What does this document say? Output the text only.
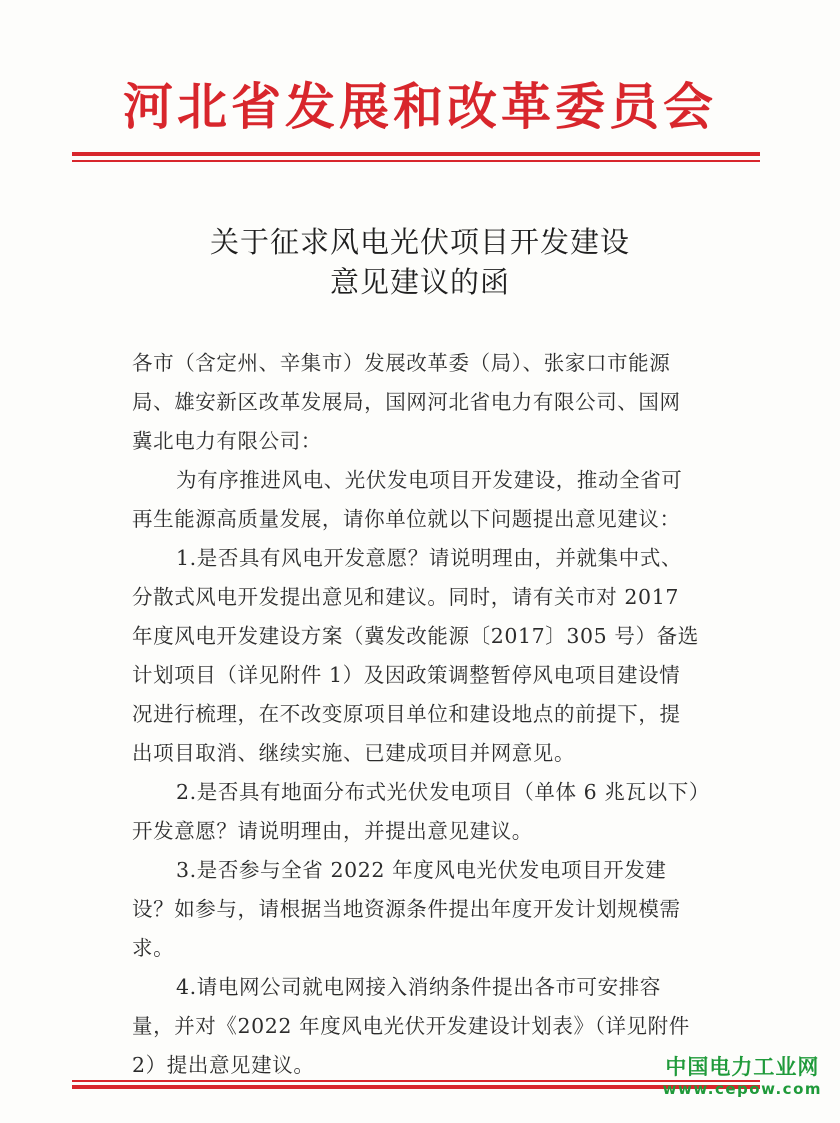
河北省发展和改革委员会
关于征求风电光伏项目开发建设
意见建议的函
各市（含定州、辛集市）发展改革委（局）、张家口市能源
局、雄安新区改革发展局，国网河北省电力有限公司、国网
冀北电力有限公司：
为有序推进风电、光伏发电项目开发建设，推动全省可
再生能源高质量发展，请你单位就以下问题提出意见建议：
1.是否具有风电开发意愿？请说明理由，并就集中式、
分散式风电开发提出意见和建议。同时，请有关市对 2017
年度风电开发建设方案（冀发改能源〔2017〕305 号）备选
计划项目（详见附件 1）及因政策调整暂停风电项目建设情
况进行梳理，在不改变原项目单位和建设地点的前提下，提
出项目取消、继续实施、已建成项目并网意见。
2.是否具有地面分布式光伏发电项目（单体 6 兆瓦以下）
开发意愿？请说明理由，并提出意见建议。
3.是否参与全省 2022 年度风电光伏发电项目开发建
设？如参与，请根据当地资源条件提出年度开发计划规模需
求。
4.请电网公司就电网接入消纳条件提出各市可安排容
量，并对《2022 年度风电光伏开发建设计划表》（详见附件
2）提出意见建议。	中国电力工业网
www.cepow.com
